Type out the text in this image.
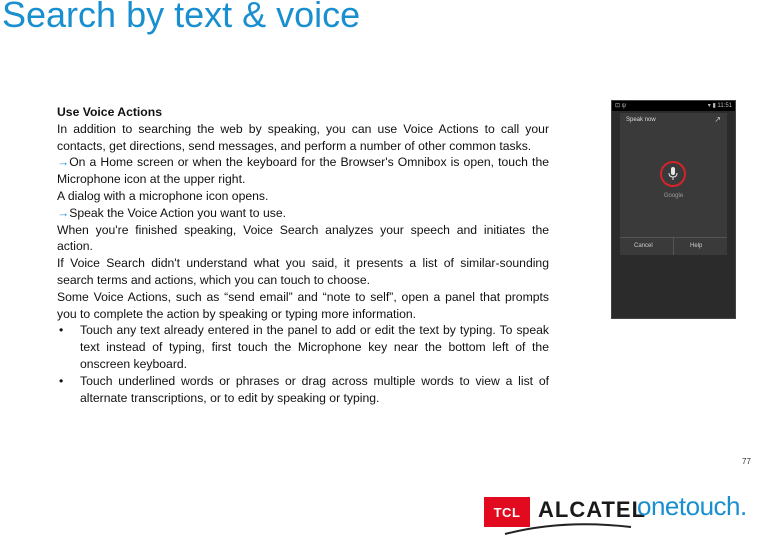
Search by text & voice

Use Voice Actions

In addition to searching the web by speaking, you can use Voice Actions to call your contacts, get directions, send messages, and perform a number of other common tasks.

→On a Home screen or when the keyboard for the Browser's Omnibox is open, touch the Microphone icon at the upper right.

A dialog with a microphone icon opens.

→Speak the Voice Action you want to use.

When you're finished speaking, Voice Search analyzes your speech and initiates the action.

If Voice Search didn't understand what you said, it presents a list of similar-sounding search terms and actions, which you can touch to choose.

Some Voice Actions, such as “send email” and “note to self”, open a panel that prompts you to complete the action by speaking or typing more information.

• Touch any text already entered in the panel to add or edit the text by typing. To speak text instead of typing, first touch the Microphone key near the bottom left of the onscreen keyboard.
• Touch underlined words or phrases or drag across multiple words to view a list of alternate transcriptions, or to edit by speaking or typing.
⊡ ψ	▾ ▮ 11:51
Speak now	↗
Google
Cancel	Help
77
TCL ALCATEL
onetouch.
